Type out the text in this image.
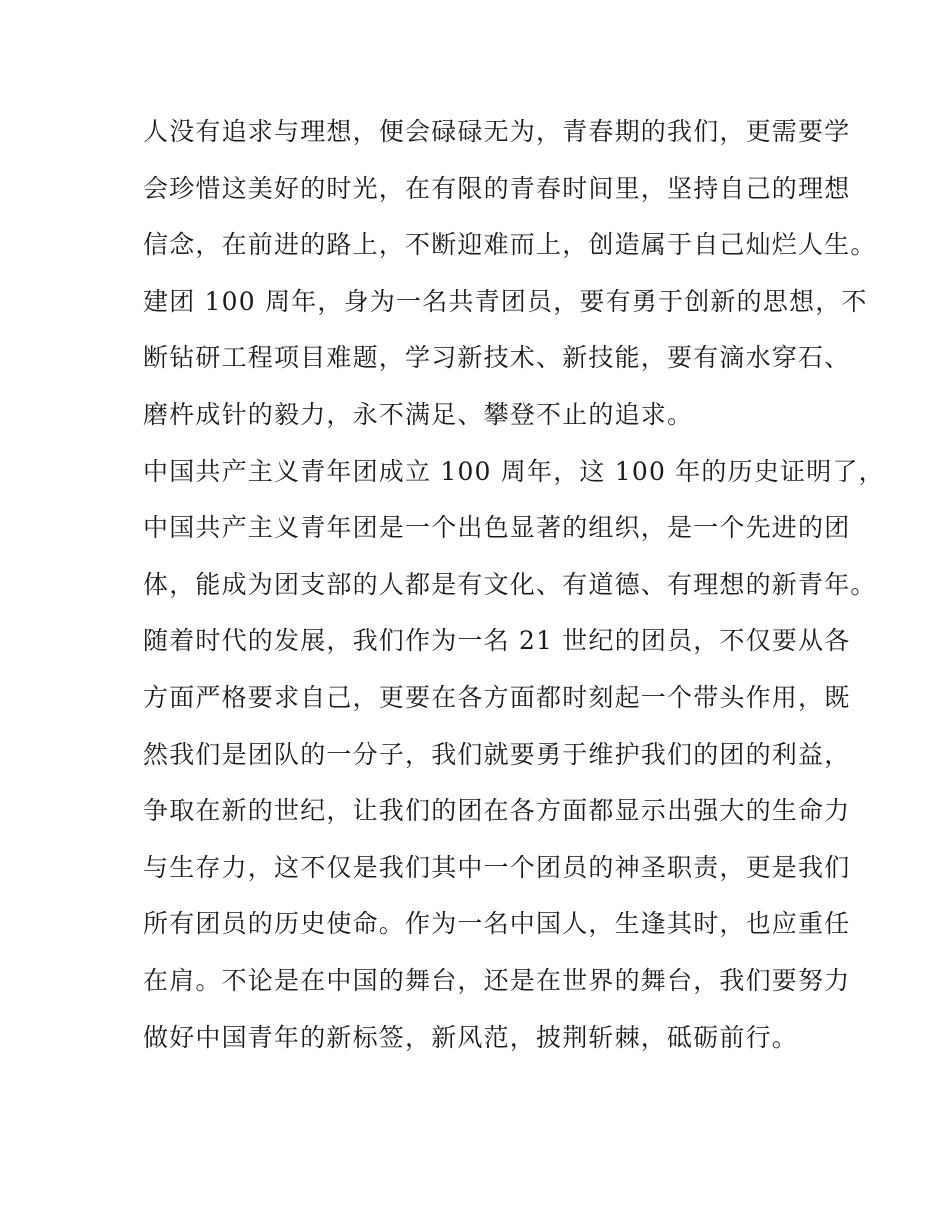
人没有追求与理想，便会碌碌无为，青春期的我们，更需要学
会珍惜这美好的时光，在有限的青春时间里，坚持自己的理想
信念，在前进的路上，不断迎难而上，创造属于自己灿烂人生。
建团 100 周年，身为一名共青团员，要有勇于创新的思想，不
断钻研工程项目难题，学习新技术、新技能，要有滴水穿石、
磨杵成针的毅力，永不满足、攀登不止的追求。
中国共产主义青年团成立 100 周年，这 100 年的历史证明了，
中国共产主义青年团是一个出色显著的组织，是一个先进的团
体，能成为团支部的人都是有文化、有道德、有理想的新青年。
随着时代的发展，我们作为一名 21 世纪的团员，不仅要从各
方面严格要求自己，更要在各方面都时刻起一个带头作用，既
然我们是团队的一分子，我们就要勇于维护我们的团的利益，
争取在新的世纪，让我们的团在各方面都显示出强大的生命力
与生存力，这不仅是我们其中一个团员的神圣职责，更是我们
所有团员的历史使命。作为一名中国人，生逢其时，也应重任
在肩。不论是在中国的舞台，还是在世界的舞台，我们要努力
做好中国青年的新标签，新风范，披荆斩棘，砥砺前行。
